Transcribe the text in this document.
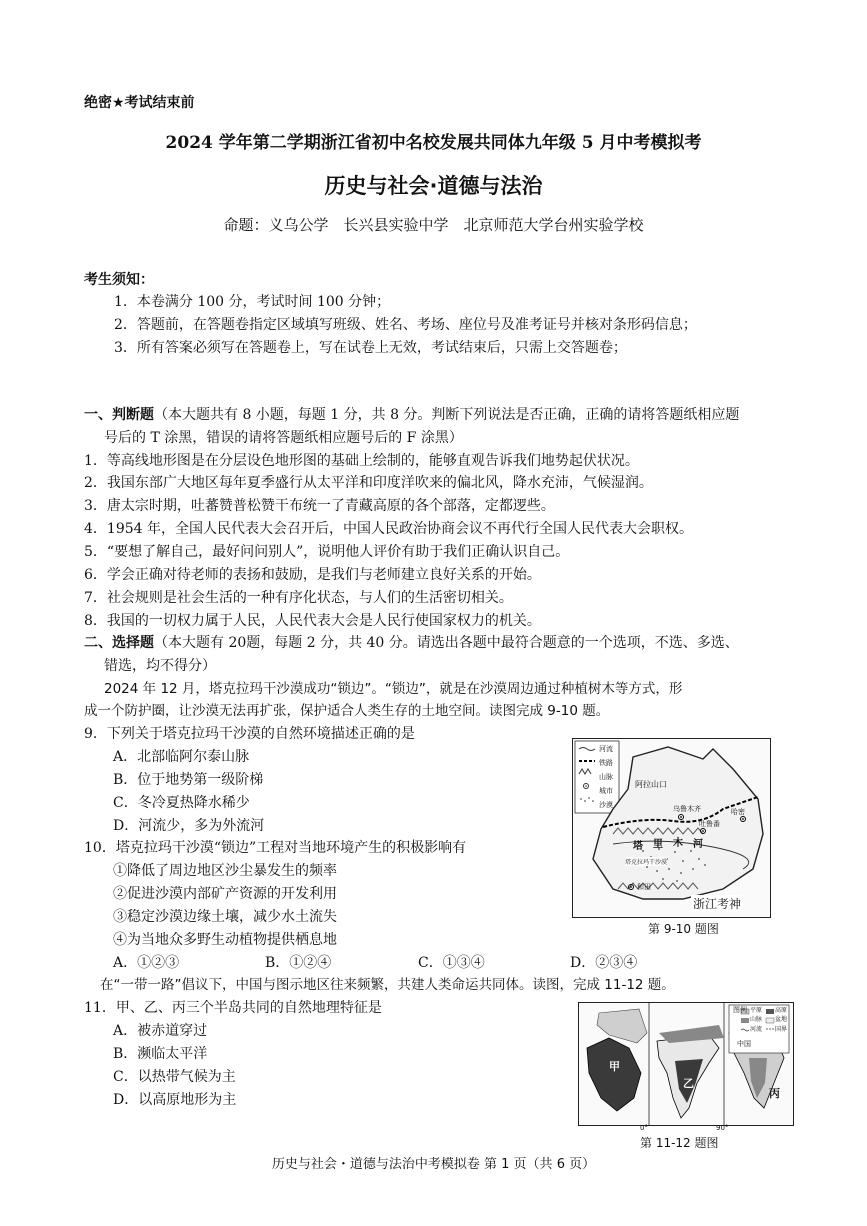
绝密★考试结束前
2024 学年第二学期浙江省初中名校发展共同体九年级 5 月中考模拟考
历史与社会·道德与法治
命题：义乌公学　长兴县实验中学　北京师范大学台州实验学校
考生须知：
1．本卷满分 100 分，考试时间 100 分钟；
2．答题前，在答题卷指定区域填写班级、姓名、考场、座位号及准考证号并核对条形码信息；
3．所有答案必须写在答题卷上，写在试卷上无效，考试结束后，只需上交答题卷；
一、判断题（本大题共有 8 小题，每题 1 分，共 8 分。判断下列说法是否正确，正确的请将答题纸相应题
号后的 T 涂黑，错误的请将答题纸相应题号后的 F 涂黑）
1．等高线地形图是在分层设色地形图的基础上绘制的，能够直观告诉我们地势起伏状况。
2．我国东部广大地区每年夏季盛行从太平洋和印度洋吹来的偏北风，降水充沛，气候湿润。
3．唐太宗时期，吐蕃赞普松赞干布统一了青藏高原的各个部落，定都逻些。
4．1954 年，全国人民代表大会召开后，中国人民政治协商会议不再代行全国人民代表大会职权。
5．“要想了解自己，最好问问别人”，说明他人评价有助于我们正确认识自己。
6．学会正确对待老师的表扬和鼓励，是我们与老师建立良好关系的开始。
7．社会规则是社会生活的一种有序化状态，与人们的生活密切相关。
8．我国的一切权力属于人民，人民代表大会是人民行使国家权力的机关。
二、选择题（本大题有 20题，每题 2 分，共 40 分。请选出各题中最符合题意的一个选项，不选、多选、
错选，均不得分）
2024 年 12 月，塔克拉玛干沙漠成功“锁边”。“锁边”，就是在沙漠周边通过种植树木等方式，形
成一个防护圈，让沙漠无法再扩张，保护适合人类生存的土地空间。读图完成 9-10 题。
9．下列关于塔克拉玛干沙漠的自然环境描述正确的是
A．北部临阿尔泰山脉
B．位于地势第一级阶梯
C．冬冷夏热降水稀少
D．河流少，多为外流河
10．塔克拉玛干沙漠“锁边”工程对当地环境产生的积极影响有
①降低了周边地区沙尘暴发生的频率
②促进沙漠内部矿产资源的开发利用
③稳定沙漠边缘土壤，减少水土流失
④为当地众多野生动植物提供栖息地
A．①②③	B．①②④	C．①③④	D．②③④
在“一带一路”倡议下，中国与图示地区往来频繁，共建人类命运共同体。读图，完成 11-12 题。
11．甲、乙、丙三个半岛共同的自然地理特征是
A．被赤道穿过
B．濒临太平洋
C．以热带气候为主
D．以高原地形为主
河流
铁路
山脉
城市
沙漠
阿拉山口
乌鲁木齐	哈密
吐鲁番
塔 里 木 河
塔克拉玛干沙漠
和田
浙江考神
第 9-10 题图
图例 平原 高原
山脉 盆地
河流 国界
甲
乙
丙
中国
0°	90°
第 11-12 题图
历史与社会・道德与法治中考模拟卷 第 1 页（共 6 页）
